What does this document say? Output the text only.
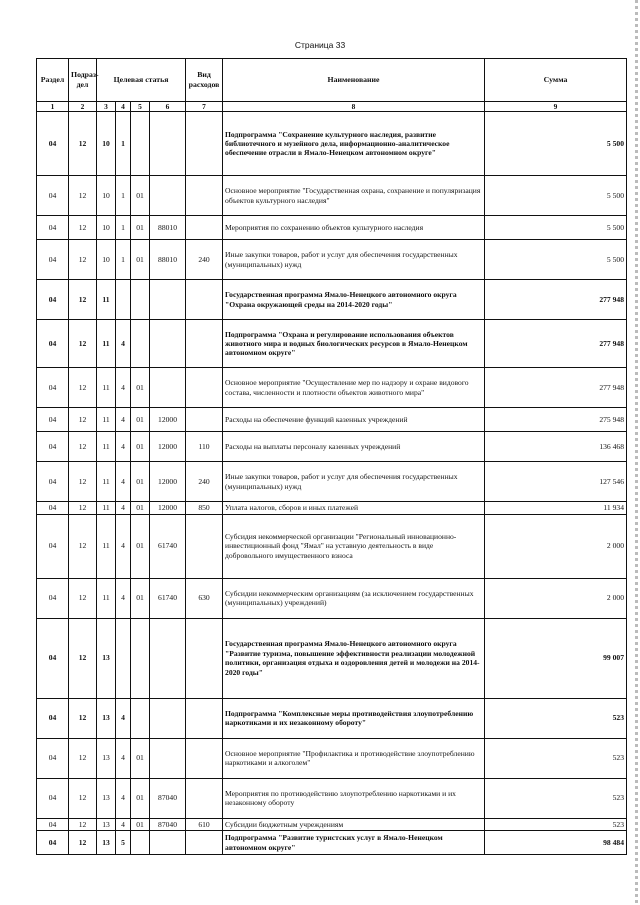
Страница 33
Раздел	Подраз-дел	Целевая статья				Вид расходов	Наименование	Сумма
1	2	3	4	5	6	7	8	9
04	12	10	1				Подпрограмма "Сохранение культурного наследия, развитие библиотечного и музейного дела, информационно-аналитическое обеспечение отрасли в Ямало-Ненецком автономном округе"	5 500
04	12	10	1	01			Основное мероприятие "Государственная охрана, сохранение и популяризация объектов культурного наследия"	5 500
04	12	10	1	01	88010		Мероприятия по сохранению объектов культурного наследия	5 500
04	12	10	1	01	88010	240	Иные закупки товаров, работ и услуг для обеспечения государственных (муниципальных) нужд	5 500
04	12	11					Государственная программа Ямало-Ненецкого автономного округа "Охрана окружающей среды на 2014-2020 годы"	277 948
04	12	11	4				Подпрограмма "Охрана и регулирование использования объектов животного мира и водных биологических ресурсов в Ямало-Ненецком автономном округе"	277 948
04	12	11	4	01			Основное мероприятие "Осуществление мер по надзору и охране видового состава, численности и плотности объектов животного мира"	277 948
04	12	11	4	01	12000		Расходы на обеспечение функций казенных учреждений	275 948
04	12	11	4	01	12000	110	Расходы на выплаты персоналу казенных учреждений	136 468
04	12	11	4	01	12000	240	Иные закупки товаров, работ и услуг для обеспечения государственных (муниципальных) нужд	127 546
04	12	11	4	01	12000	850	Уплата налогов, сборов и иных платежей	11 934
04	12	11	4	01	61740		Субсидия некоммерческой организации "Региональный инновационно-инвестиционный фонд "Ямал" на уставную деятельность в виде добровольного имущественного взноса	2 000
04	12	11	4	01	61740	630	Субсидии некоммерческим организациям (за исключением государственных (муниципальных) учреждений)	2 000
04	12	13					Государственная программа Ямало-Ненецкого автономного округа "Развитие туризма, повышение эффективности реализации молодежной политики, организация отдыха и оздоровления детей и молодежи на 2014-2020 годы"	99 007
04	12	13	4				Подпрограмма "Комплексные меры противодействия злоупотреблению наркотиками и их незаконному обороту"	523
04	12	13	4	01			Основное мероприятие "Профилактика и противодействие злоупотреблению наркотиками и алкоголем"	523
04	12	13	4	01	87040		Мероприятия по противодействию злоупотреблению наркотиками и их незаконному обороту	523
04	12	13	4	01	87040	610	Субсидии бюджетным учреждениям	523
04	12	13	5				Подпрограмма "Развитие туристских услуг в Ямало-Ненецком автономном округе"	98 484
